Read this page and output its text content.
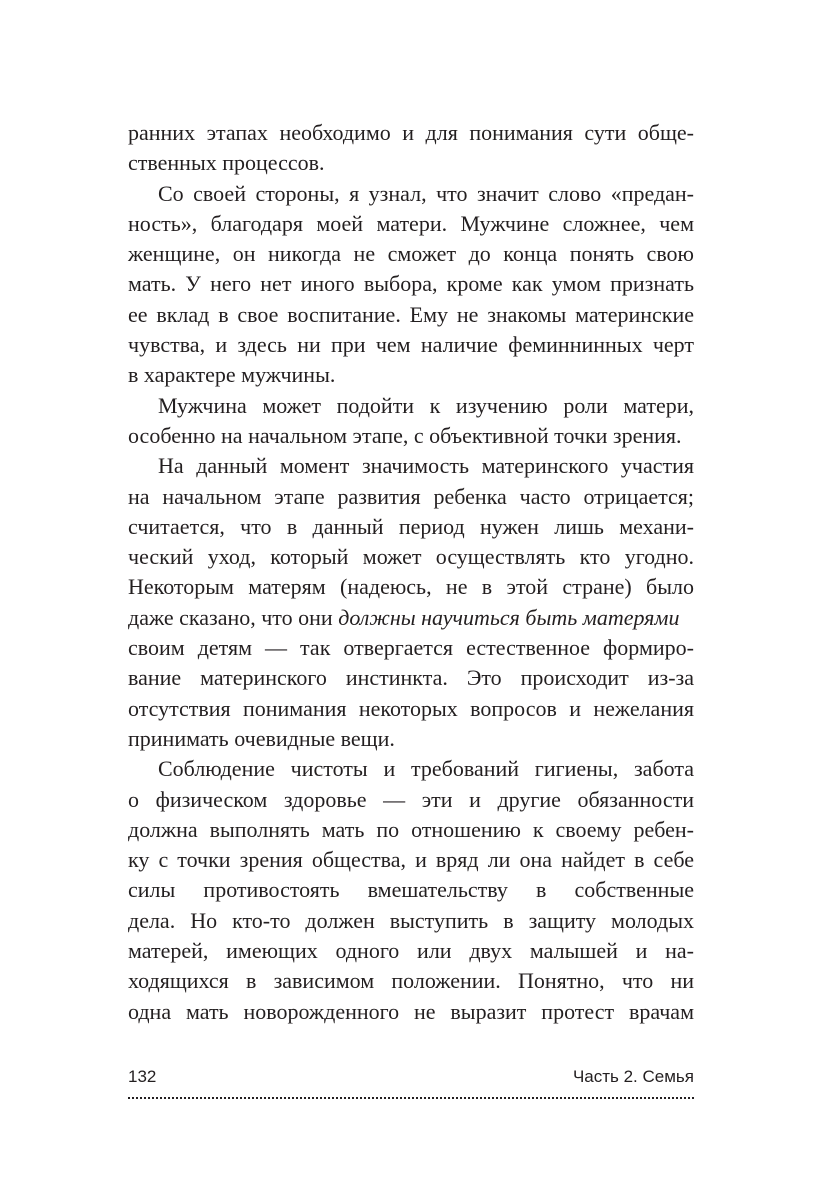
ранних этапах необходимо и для понимания сути обще-
ственных процессов.
Со своей стороны, я узнал, что значит слово «предан-
ность», благодаря моей матери. Мужчине сложнее, чем
женщине, он никогда не сможет до конца понять свою
мать. У него нет иного выбора, кроме как умом признать
ее вклад в свое воспитание. Ему не знакомы материнские
чувства, и здесь ни при чем наличие феминнинных черт
в характере мужчины.
Мужчина может подойти к изучению роли матери,
особенно на начальном этапе, с объективной точки зрения.
На данный момент значимость материнского участия
на начальном этапе развития ребенка часто отрицается;
считается, что в данный период нужен лишь механи-
ческий уход, который может осуществлять кто угодно.
Некоторым матерям (надеюсь, не в этой стране) было
даже сказано, что они должны научиться быть матерями
своим детям — так отвергается естественное формиро-
вание материнского инстинкта. Это происходит из-за
отсутствия понимания некоторых вопросов и нежелания
принимать очевидные вещи.
Соблюдение чистоты и требований гигиены, забота
о физическом здоровье — эти и другие обязанности
должна выполнять мать по отношению к своему ребен-
ку с точки зрения общества, и вряд ли она найдет в себе
силы противостоять вмешательству в собственные
дела. Но кто-то должен выступить в защиту молодых
матерей, имеющих одного или двух малышей и на-
ходящихся в зависимом положении. Понятно, что ни
одна мать новорожденного не выразит протест врачам
132	Часть 2. Семья
